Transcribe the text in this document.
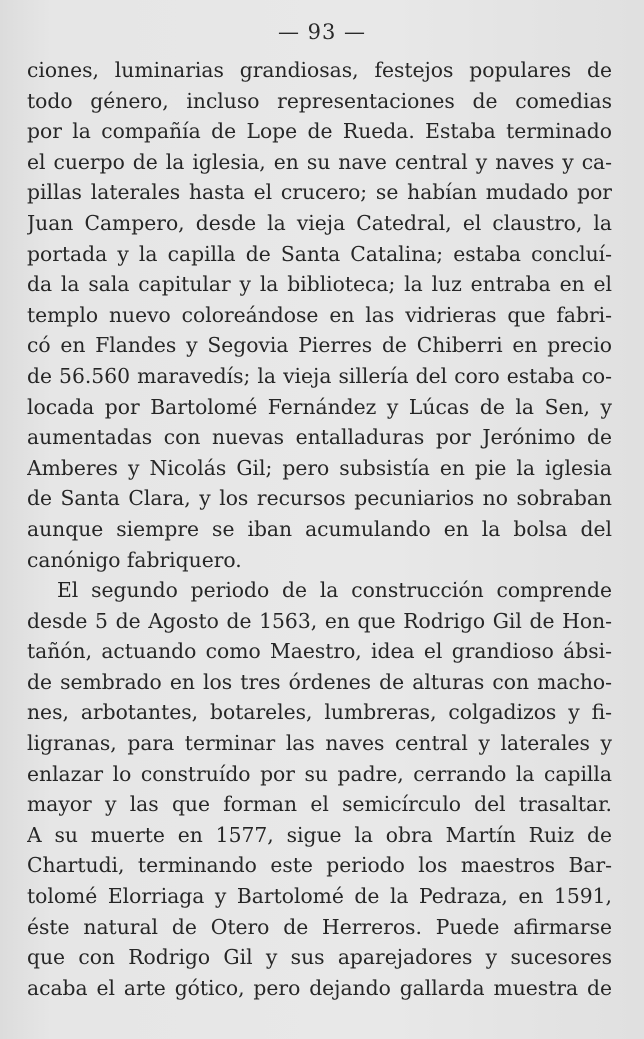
— 93 —
ciones, luminarias grandiosas, festejos populares de
todo género, incluso representaciones de comedias
por la compañía de Lope de Rueda. Estaba terminado
el cuerpo de la iglesia, en su nave central y naves y ca-
pillas laterales hasta el crucero; se habían mudado por
Juan Campero, desde la vieja Catedral, el claustro, la
portada y la capilla de Santa Catalina; estaba concluí-
da la sala capitular y la biblioteca; la luz entraba en el
templo nuevo coloreándose en las vidrieras que fabri-
có en Flandes y Segovia Pierres de Chiberri en precio
de 56.560 maravedís; la vieja sillería del coro estaba co-
locada por Bartolomé Fernández y Lúcas de la Sen, y
aumentadas con nuevas entalladuras por Jerónimo de
Amberes y Nicolás Gil; pero subsistía en pie la iglesia
de Santa Clara, y los recursos pecuniarios no sobraban
aunque siempre se iban acumulando en la bolsa del
canónigo fabriquero.
El segundo periodo de la construcción comprende
desde 5 de Agosto de 1563, en que Rodrigo Gil de Hon-
tañón, actuando como Maestro, idea el grandioso ábsi-
de sembrado en los tres órdenes de alturas con macho-
nes, arbotantes, botareles, lumbreras, colgadizos y fi-
ligranas, para terminar las naves central y laterales y
enlazar lo construído por su padre, cerrando la capilla
mayor y las que forman el semicírculo del trasaltar.
A su muerte en 1577, sigue la obra Martín Ruiz de
Chartudi, terminando este periodo los maestros Bar-
tolomé Elorriaga y Bartolomé de la Pedraza, en 1591,
éste natural de Otero de Herreros. Puede afirmarse
que con Rodrigo Gil y sus aparejadores y sucesores
acaba el arte gótico, pero dejando gallarda muestra de
